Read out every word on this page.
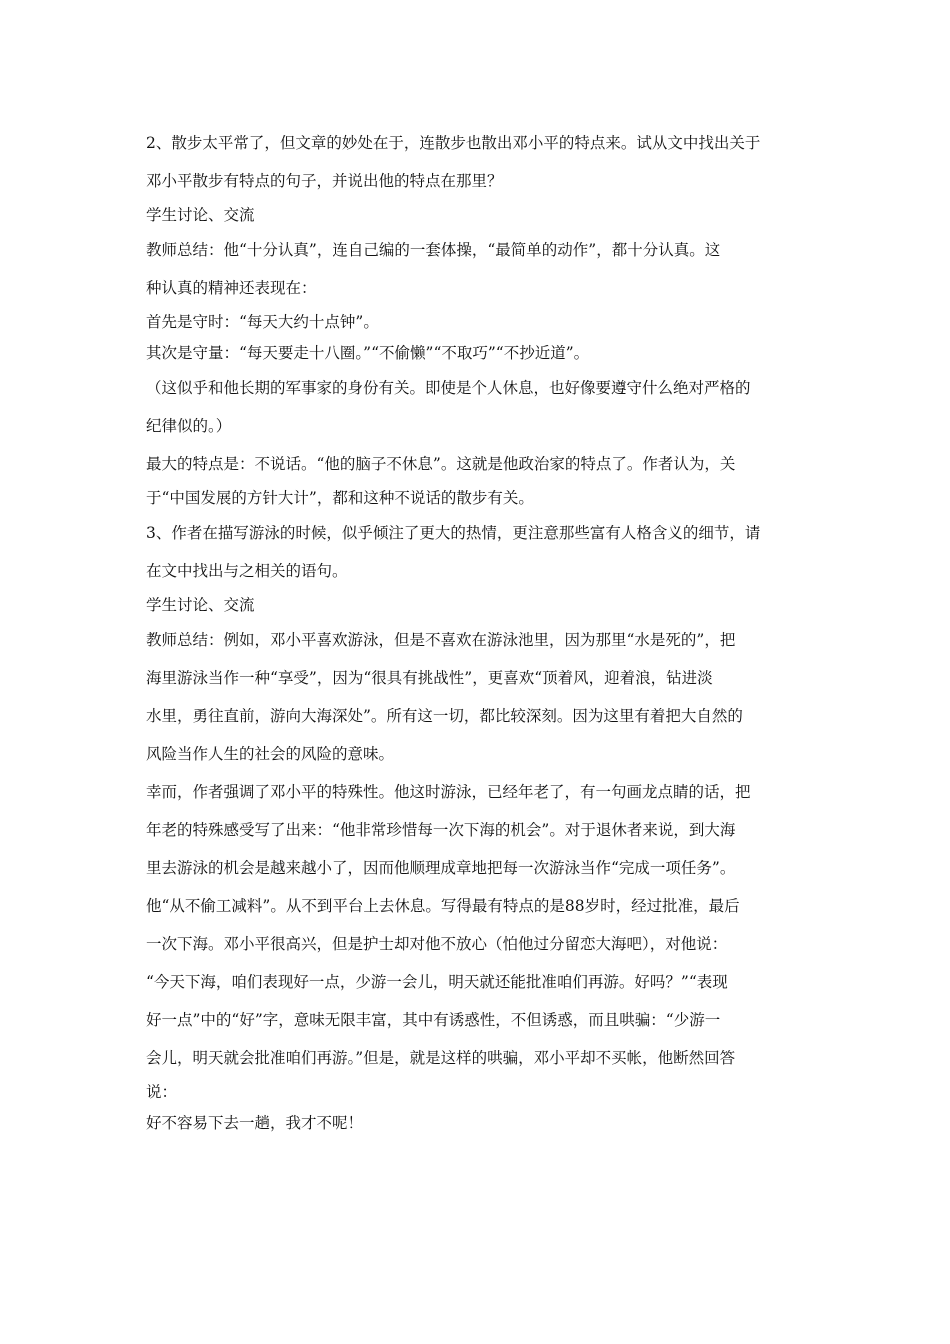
2、散步太平常了，但文章的妙处在于，连散步也散出邓小平的特点来。试从文中找出关于
邓小平散步有特点的句子，并说出他的特点在那里？
学生讨论、交流
教师总结：他“十分认真”，连自己编的一套体操，“最简单的动作”，都十分认真。这
种认真的精神还表现在：
首先是守时：“每天大约十点钟”。
其次是守量：“每天要走十八圈。”“不偷懒”“不取巧”“不抄近道”。
（这似乎和他长期的军事家的身份有关。即使是个人休息，也好像要遵守什么绝对严格的
纪律似的。）
最大的特点是：不说话。“他的脑子不休息”。这就是他政治家的特点了。作者认为，关
于“中国发展的方针大计”，都和这种不说话的散步有关。
3、作者在描写游泳的时候，似乎倾注了更大的热情，更注意那些富有人格含义的细节，请
在文中找出与之相关的语句。
学生讨论、交流
教师总结：例如，邓小平喜欢游泳，但是不喜欢在游泳池里，因为那里“水是死的”，把
海里游泳当作一种“享受”，因为“很具有挑战性”，更喜欢“顶着风，迎着浪，钻进淡
水里，勇往直前，游向大海深处”。所有这一切，都比较深刻。因为这里有着把大自然的
风险当作人生的社会的风险的意味。
幸而，作者强调了邓小平的特殊性。他这时游泳，已经年老了，有一句画龙点睛的话，把
年老的特殊感受写了出来：“他非常珍惜每一次下海的机会”。对于退休者来说，到大海
里去游泳的机会是越来越小了，因而他顺理成章地把每一次游泳当作“完成一项任务”。
他“从不偷工减料”。从不到平台上去休息。写得最有特点的是88岁时，经过批准，最后
一次下海。邓小平很高兴，但是护士却对他不放心（怕他过分留恋大海吧），对他说：
“今天下海，咱们表现好一点，少游一会儿，明天就还能批准咱们再游。好吗？”“表现
好一点”中的“好”字，意味无限丰富，其中有诱惑性，不但诱惑，而且哄骗：“少游一
会儿，明天就会批准咱们再游。”但是，就是这样的哄骗，邓小平却不买帐，他断然回答
说：
好不容易下去一趟，我才不呢！
